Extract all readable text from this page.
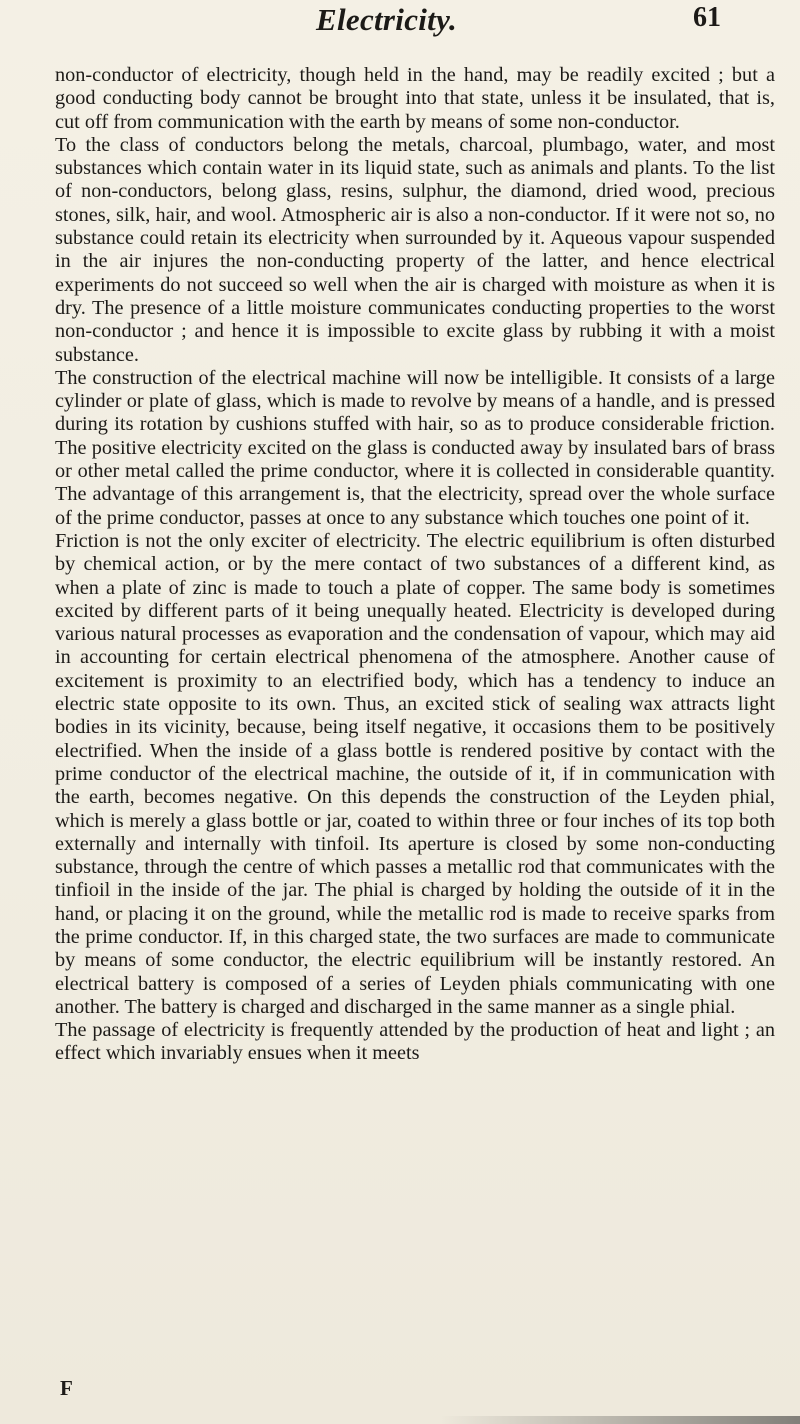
Electricity.	61

non-conductor of electricity, though held in the hand, may be readily excited ; but a good conducting body cannot be brought into that state, unless it be insulated, that is, cut off from communication with the earth by means of some non-conductor.

To the class of conductors belong the metals, charcoal, plumbago, water, and most substances which contain water in its liquid state, such as animals and plants. To the list of non-conductors, belong glass, resins, sulphur, the diamond, dried wood, precious stones, silk, hair, and wool. Atmospheric air is also a non-conductor. If it were not so, no substance could retain its electricity when surrounded by it. Aqueous vapour suspended in the air injures the non-conducting property of the latter, and hence electrical experiments do not succeed so well when the air is charged with moisture as when it is dry. The presence of a little moisture communicates conducting properties to the worst non-conductor ; and hence it is impossible to excite glass by rubbing it with a moist substance.

The construction of the electrical machine will now be intelligible. It consists of a large cylinder or plate of glass, which is made to revolve by means of a handle, and is pressed during its rotation by cushions stuffed with hair, so as to produce considerable friction. The positive electricity excited on the glass is conducted away by insulated bars of brass or other metal called the prime conductor, where it is collected in considerable quantity. The advantage of this arrangement is, that the electricity, spread over the whole surface of the prime conductor, passes at once to any substance which touches one point of it.

Friction is not the only exciter of electricity. The electric equilibrium is often disturbed by chemical action, or by the mere contact of two substances of a different kind, as when a plate of zinc is made to touch a plate of copper. The same body is sometimes excited by different parts of it being unequally heated. Electricity is developed during various natural processes as evaporation and the condensation of vapour, which may aid in accounting for certain electrical phenomena of the atmosphere. Another cause of excitement is proximity to an electrified body, which has a tendency to induce an electric state opposite to its own. Thus, an excited stick of sealing wax attracts light bodies in its vicinity, because, being itself negative, it occasions them to be positively electrified. When the inside of a glass bottle is rendered positive by contact with the prime conductor of the electrical machine, the outside of it, if in communication with the earth, becomes negative. On this depends the construction of the Leyden phial, which is merely a glass bottle or jar, coated to within three or four inches of its top both externally and internally with tinfoil. Its aperture is closed by some non-conducting substance, through the centre of which passes a metallic rod that communicates with the tinfioil in the inside of the jar. The phial is charged by holding the outside of it in the hand, or placing it on the ground, while the metallic rod is made to receive sparks from the prime conductor. If, in this charged state, the two surfaces are made to communicate by means of some conductor, the electric equilibrium will be instantly restored. An electrical battery is composed of a series of Leyden phials communicating with one another. The battery is charged and discharged in the same manner as a single phial.

The passage of electricity is frequently attended by the production of heat and light ; an effect which invariably ensues when it meets

F
